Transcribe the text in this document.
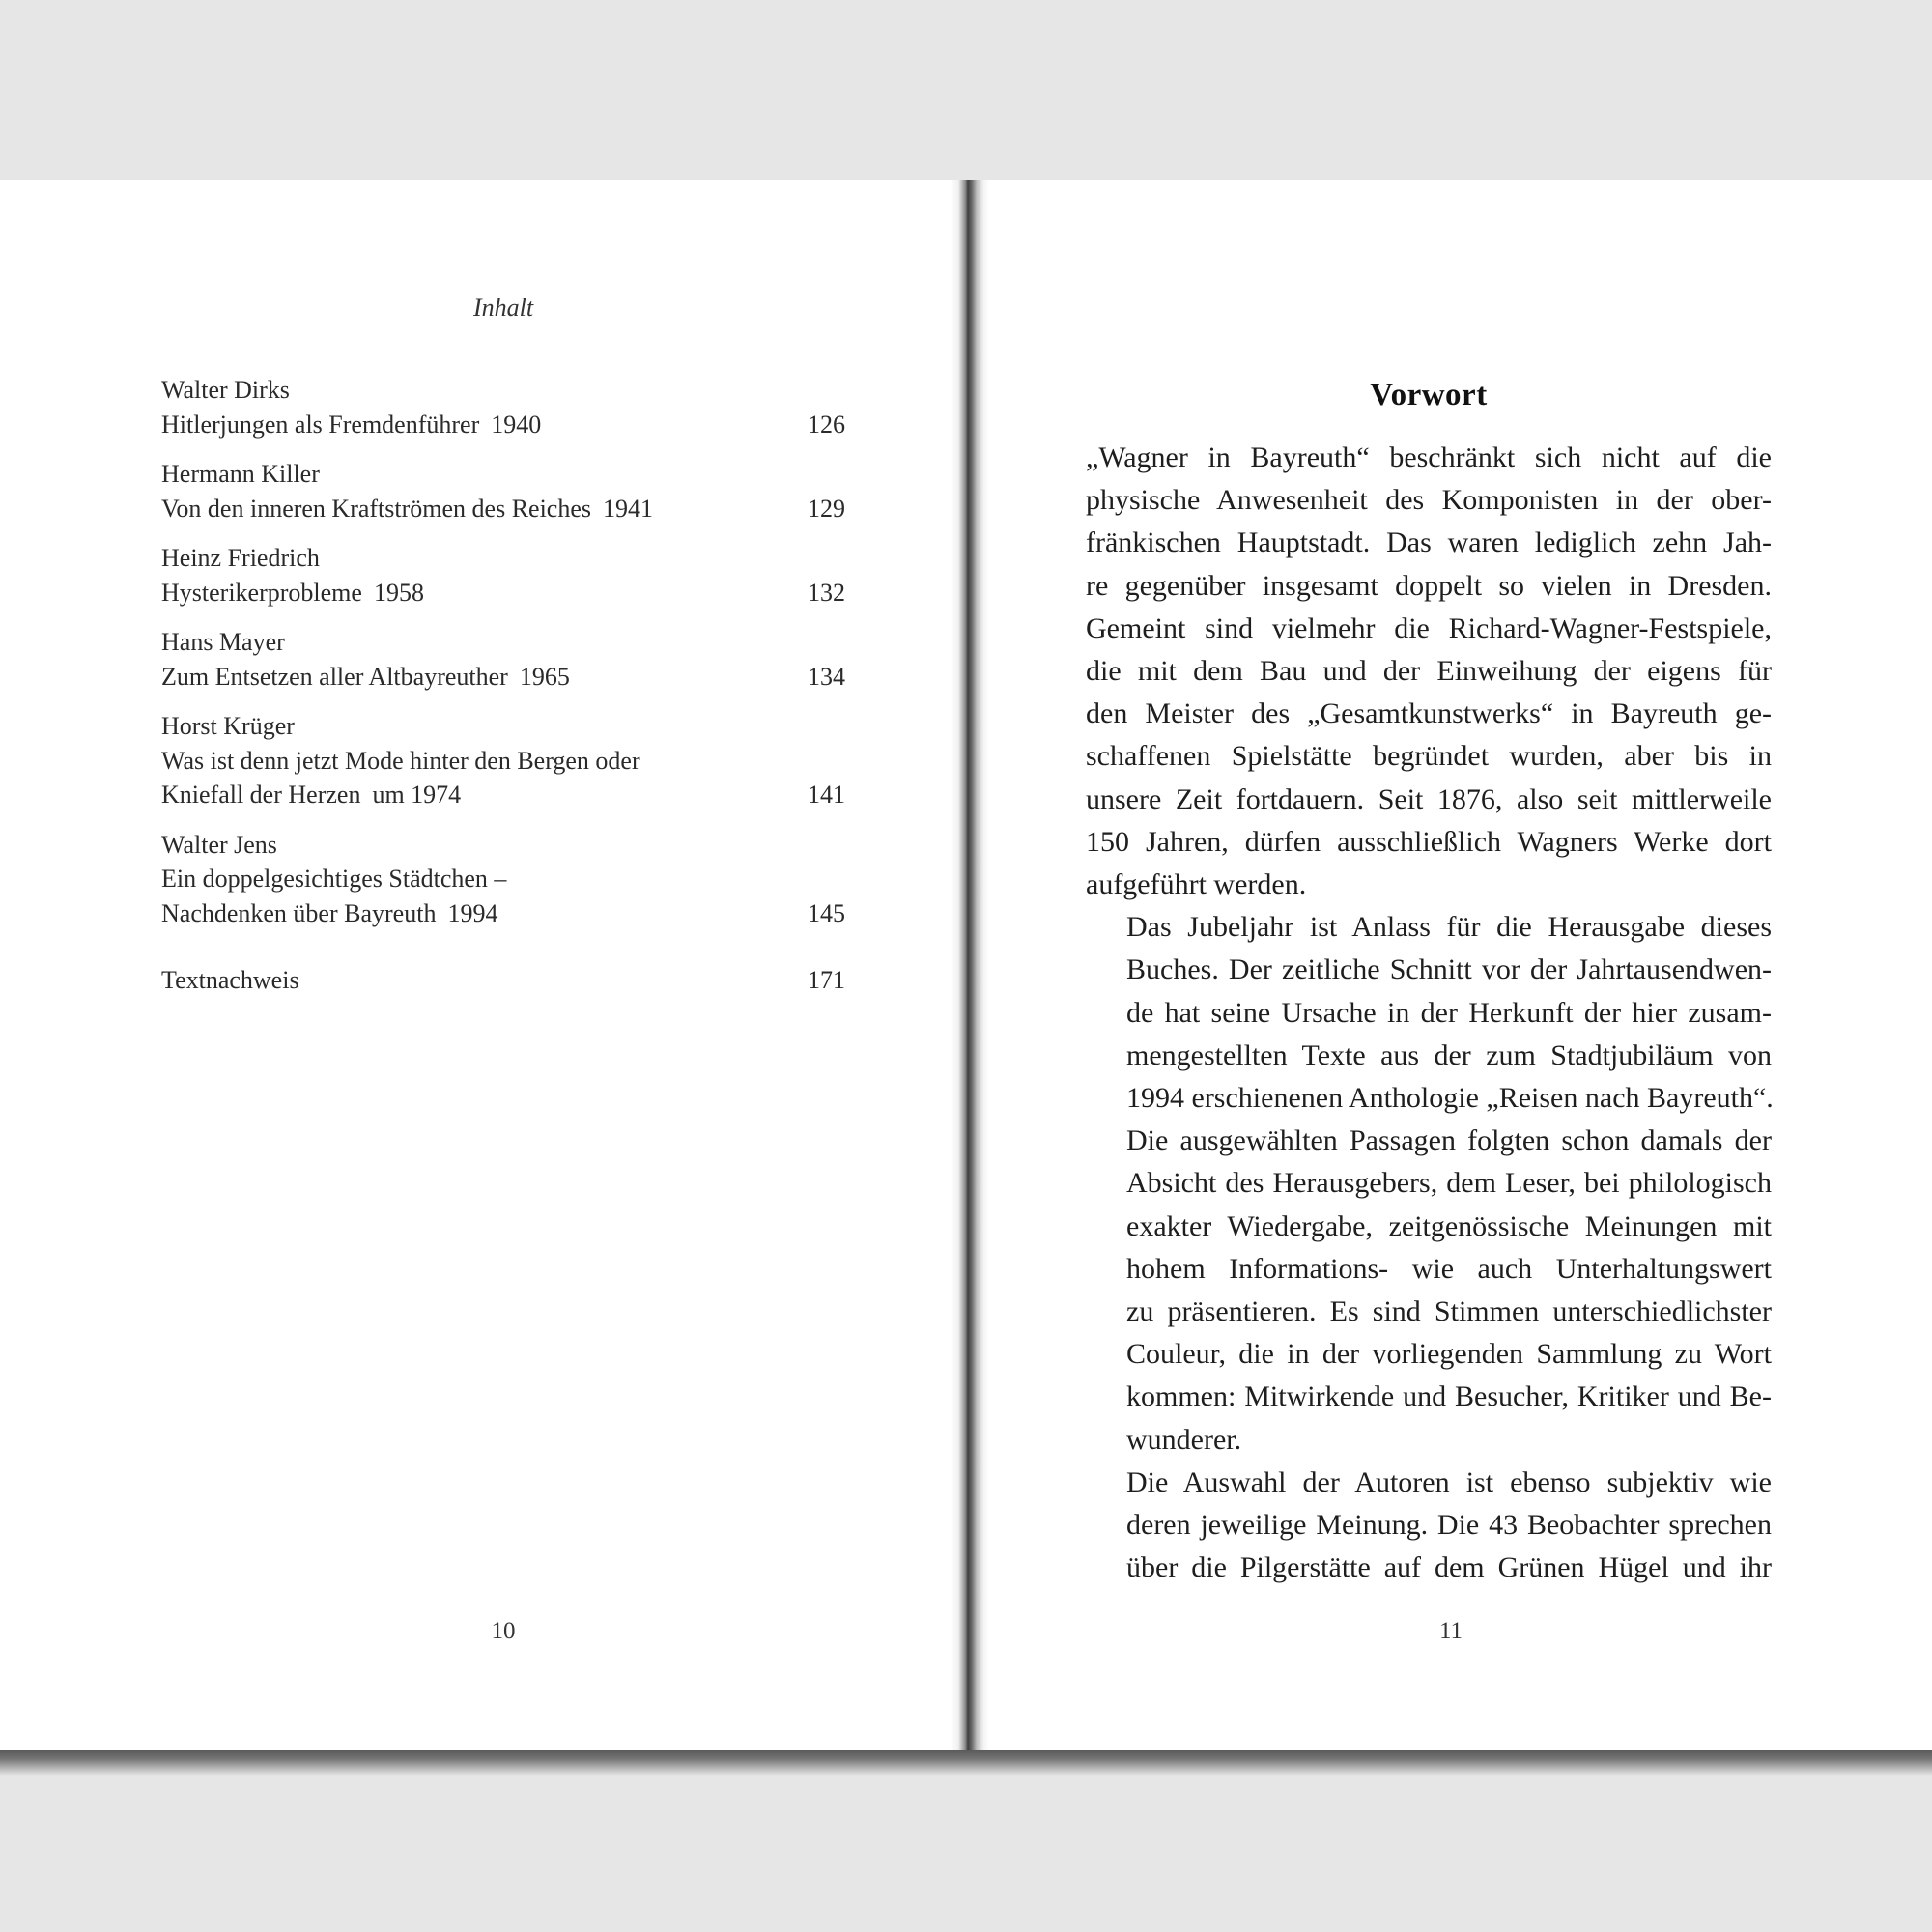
Inhalt
Walter Dirks
Hitlerjungen als Fremdenführer 1940	126
Hermann Killer
Von den inneren Kraftströmen des Reiches 1941	129
Heinz Friedrich
Hysterikerprobleme 1958	132
Hans Mayer
Zum Entsetzen aller Altbayreuther 1965	134
Horst Krüger
Was ist denn jetzt Mode hinter den Bergen oder
Kniefall der Herzen um 1974	141
Walter Jens
Ein doppelgesichtiges Städtchen –
Nachdenken über Bayreuth 1994	145
Textnachweis	171
10
Vorwort

„Wagner in Bayreuth“ beschränkt sich nicht auf die
physische Anwesenheit des Komponisten in der ober-
fränkischen Hauptstadt. Das waren lediglich zehn Jah-
re gegenüber insgesamt doppelt so vielen in Dresden.
Gemeint sind vielmehr die Richard-Wagner-Festspiele,
die mit dem Bau und der Einweihung der eigens für
den Meister des „Gesamtkunstwerks“ in Bayreuth ge-
schaffenen Spielstätte begründet wurden, aber bis in
unsere Zeit fortdauern. Seit 1876, also seit mittlerweile
150 Jahren, dürfen ausschließlich Wagners Werke dort
aufgeführt werden.

Das Jubeljahr ist Anlass für die Herausgabe dieses
Buches. Der zeitliche Schnitt vor der Jahrtausendwen-
de hat seine Ursache in der Herkunft der hier zusam-
mengestellten Texte aus der zum Stadtjubiläum von
1994 erschienenen Anthologie „Reisen nach Bayreuth“.
Die ausgewählten Passagen folgten schon damals der
Absicht des Herausgebers, dem Leser, bei philologisch
exakter Wiedergabe, zeitgenössische Meinungen mit
hohem Informations- wie auch Unterhaltungswert
zu präsentieren. Es sind Stimmen unterschiedlichster
Couleur, die in der vorliegenden Sammlung zu Wort
kommen: Mitwirkende und Besucher, Kritiker und Be-
wunderer.

Die Auswahl der Autoren ist ebenso subjektiv wie
deren jeweilige Meinung. Die 43 Beobachter sprechen
über die Pilgerstätte auf dem Grünen Hügel und ihr

11
